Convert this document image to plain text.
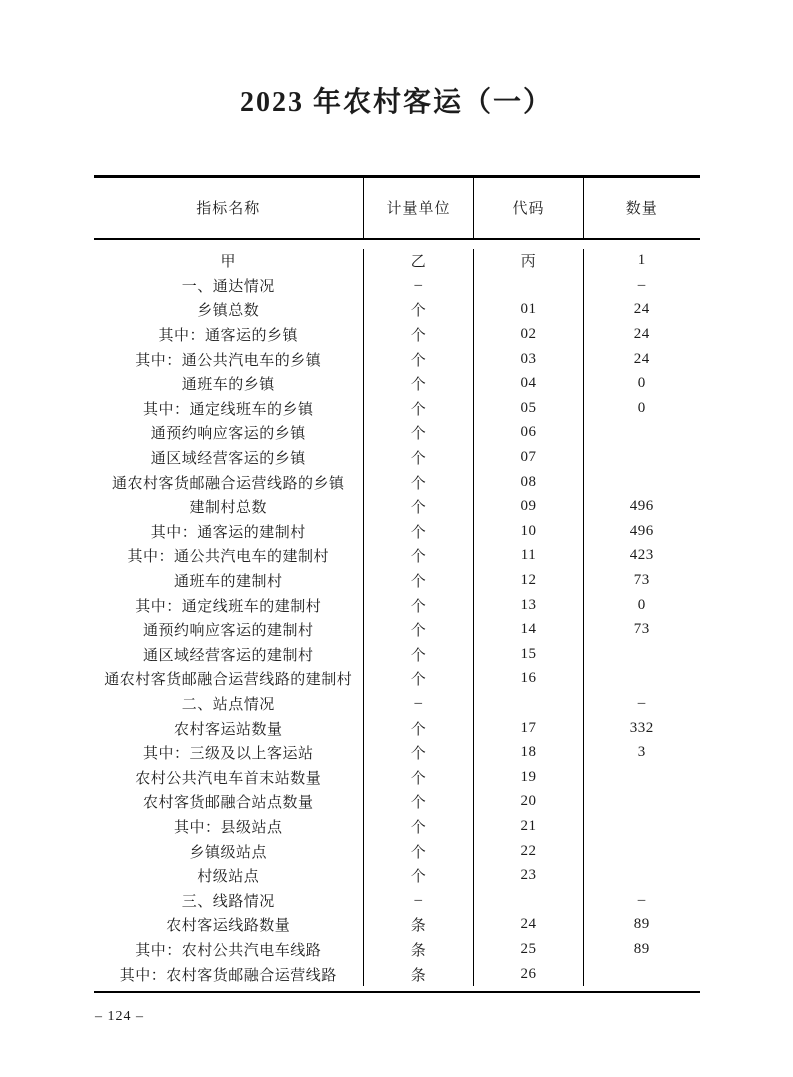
2023 年农村客运（一）
指标名称	计量单位	代码	数量
甲	乙	丙	1
一、通达情况	–		–
乡镇总数	个	01	24
其中：通客运的乡镇	个	02	24
其中：通公共汽电车的乡镇	个	03	24
通班车的乡镇	个	04	0
其中：通定线班车的乡镇	个	05	0
通预约响应客运的乡镇	个	06	
通区域经营客运的乡镇	个	07	
通农村客货邮融合运营线路的乡镇	个	08	
建制村总数	个	09	496
其中：通客运的建制村	个	10	496
其中：通公共汽电车的建制村	个	11	423
通班车的建制村	个	12	73
其中：通定线班车的建制村	个	13	0
通预约响应客运的建制村	个	14	73
通区域经营客运的建制村	个	15	
通农村客货邮融合运营线路的建制村	个	16	
二、站点情况	–		–
农村客运站数量	个	17	332
其中：三级及以上客运站	个	18	3
农村公共汽电车首末站数量	个	19	
农村客货邮融合站点数量	个	20	
其中：县级站点	个	21	
乡镇级站点	个	22	
村级站点	个	23	
三、线路情况	–		–
农村客运线路数量	条	24	89
其中：农村公共汽电车线路	条	25	89
其中：农村客货邮融合运营线路	条	26	

– 124 –
